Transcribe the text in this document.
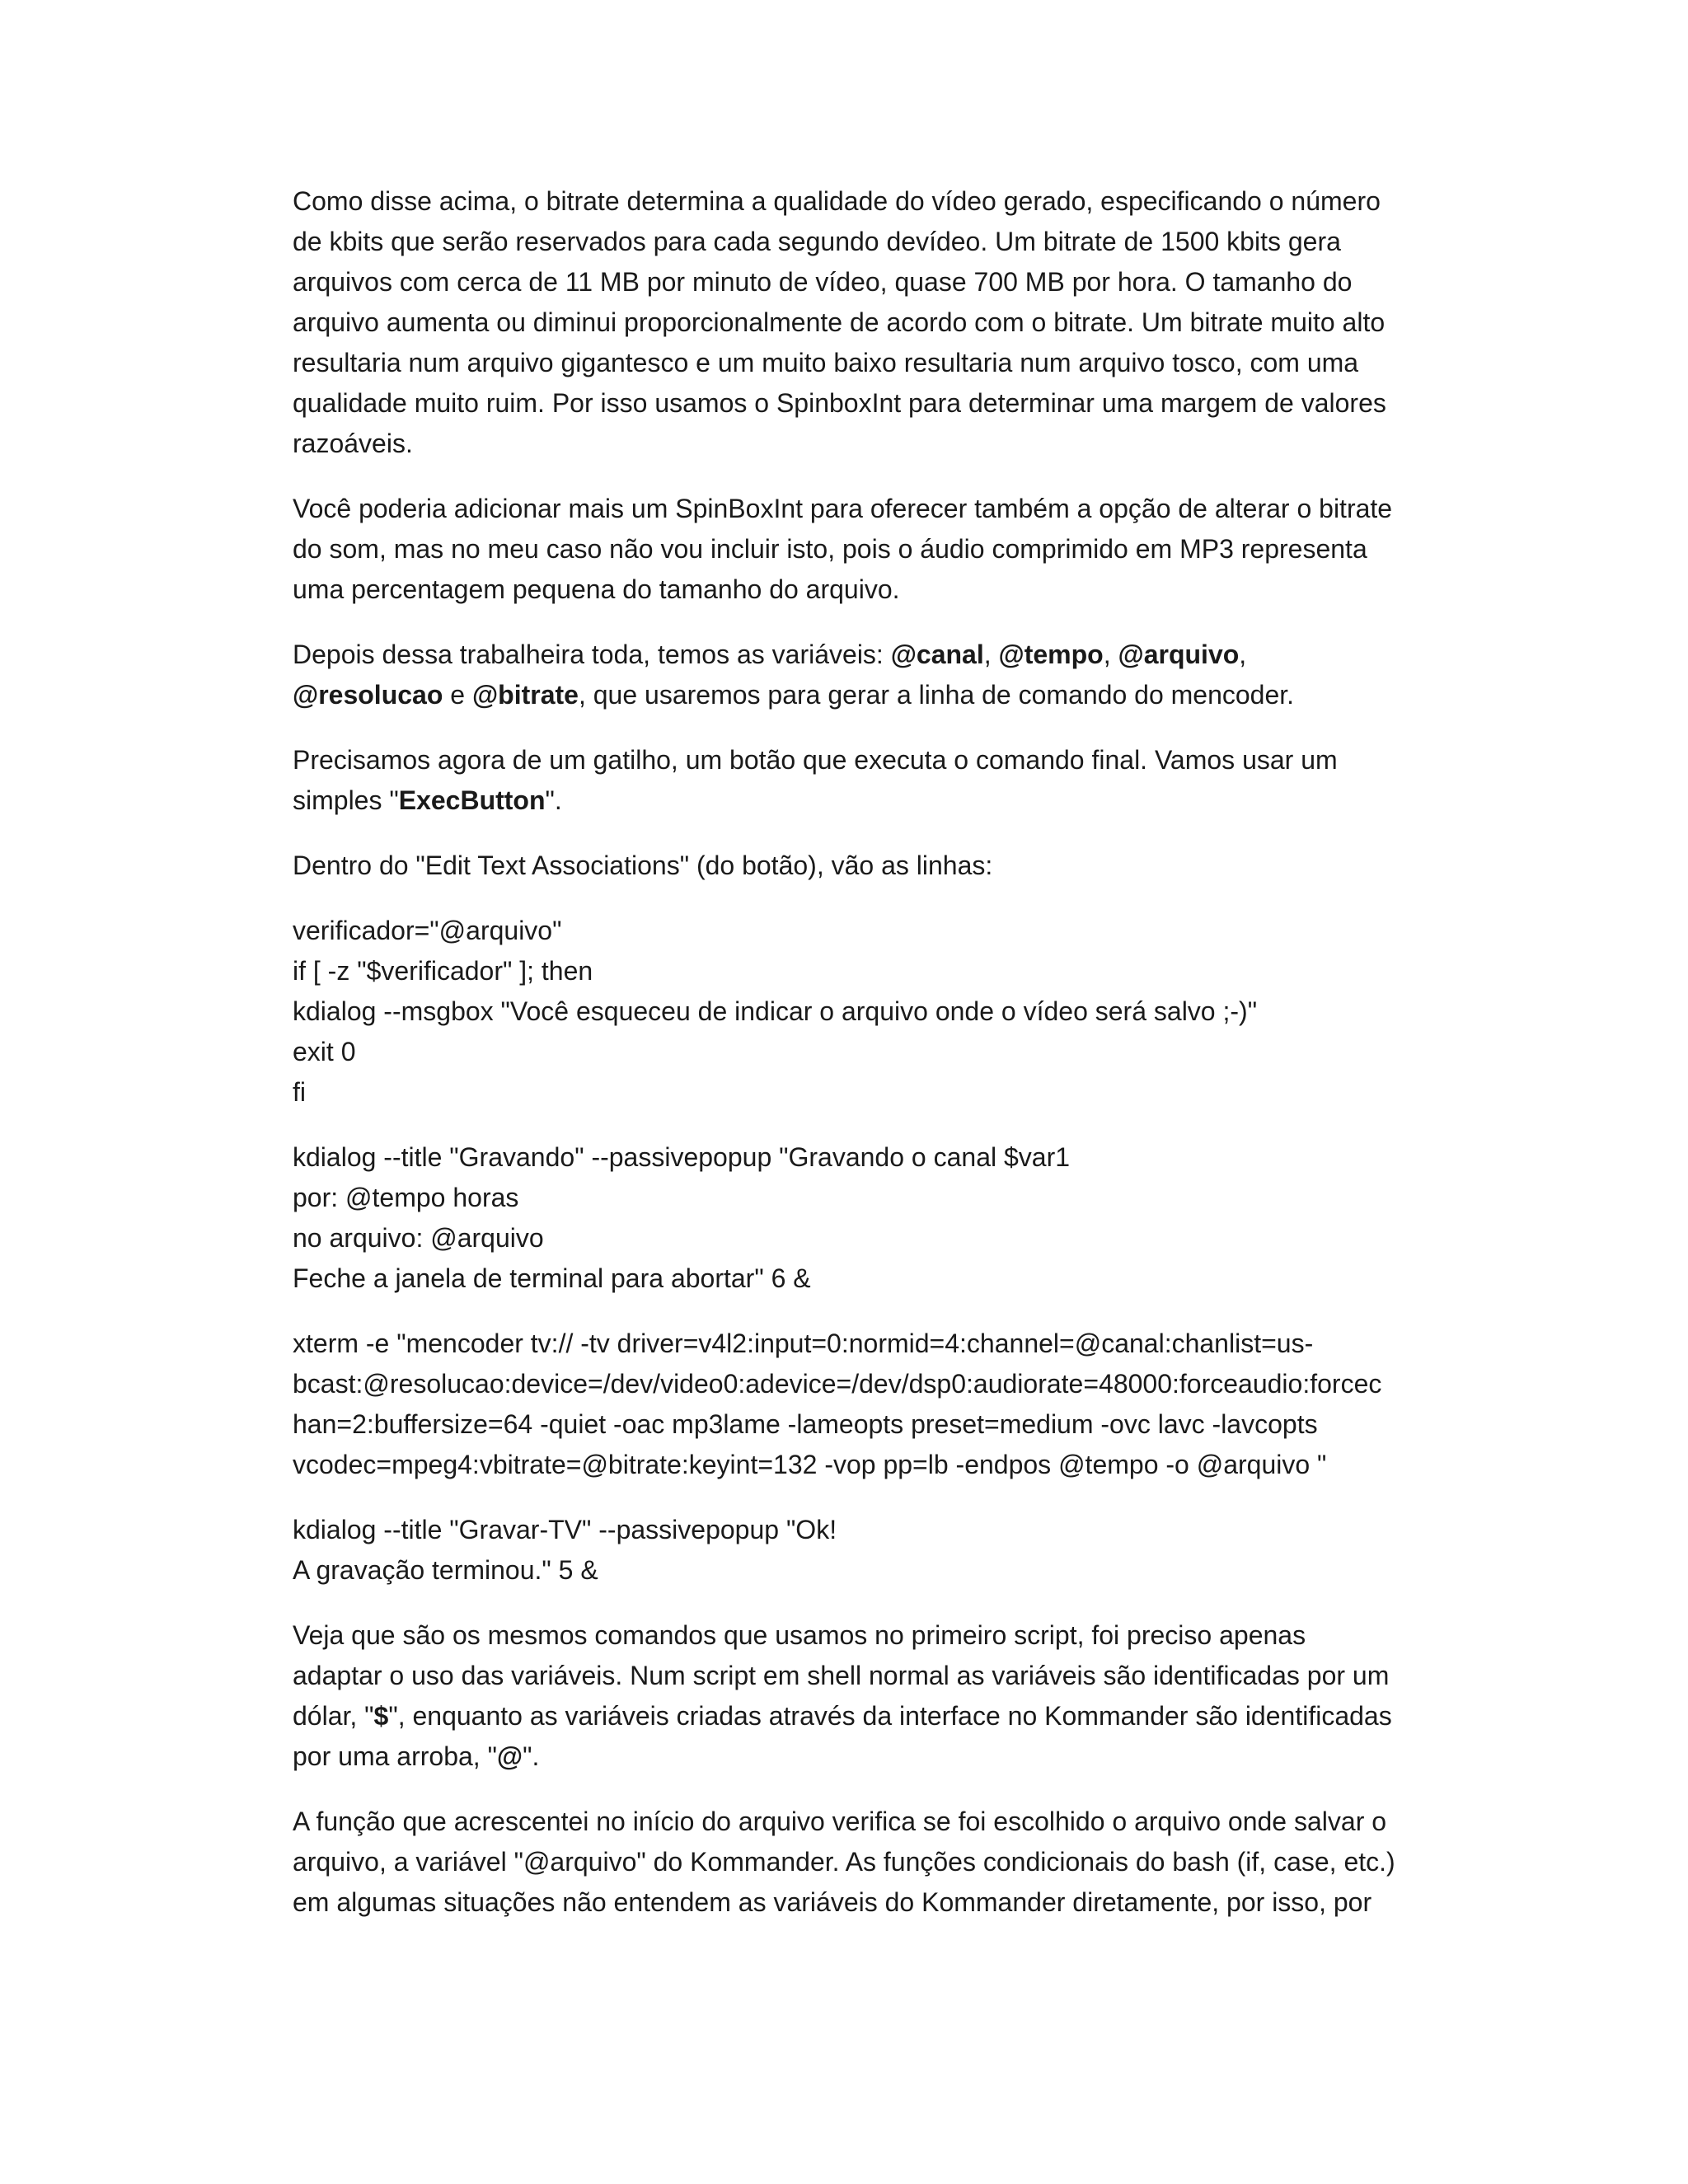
Como disse acima, o bitrate determina a qualidade do vídeo gerado, especificando o número de kbits que serão reservados para cada segundo devídeo. Um bitrate de 1500 kbits gera arquivos com cerca de 11 MB por minuto de vídeo, quase 700 MB por hora. O tamanho do arquivo aumenta ou diminui proporcionalmente de acordo com o bitrate. Um bitrate muito alto resultaria num arquivo gigantesco e um muito baixo resultaria num arquivo tosco, com uma qualidade muito ruim. Por isso usamos o SpinboxInt para determinar uma margem de valores razoáveis.

Você poderia adicionar mais um SpinBoxInt para oferecer também a opção de alterar o bitrate do som, mas no meu caso não vou incluir isto, pois o áudio comprimido em MP3 representa uma percentagem pequena do tamanho do arquivo.

Depois dessa trabalheira toda, temos as variáveis: @canal, @tempo, @arquivo, @resolucao e @bitrate, que usaremos para gerar a linha de comando do mencoder.

Precisamos agora de um gatilho, um botão que executa o comando final. Vamos usar um simples "ExecButton".

Dentro do "Edit Text Associations" (do botão), vão as linhas:

verificador="@arquivo"
if [ -z "$verificador" ]; then
kdialog --msgbox "Você esqueceu de indicar o arquivo onde o vídeo será salvo ;-)"
exit 0
fi
kdialog --title "Gravando" --passivepopup "Gravando o canal $var1
por: @tempo horas
no arquivo: @arquivo
Feche a janela de terminal para abortar" 6 &
xterm -e "mencoder tv:// -tv driver=v4l2:input=0:normid=4:channel=@canal:chanlist=us-
bcast:@resolucao:device=/dev/video0:adevice=/dev/dsp0:audiorate=48000:forceaudio:forcec
han=2:buffersize=64 -quiet -oac mp3lame -lameopts preset=medium -ovc lavc -lavcopts
vcodec=mpeg4:vbitrate=@bitrate:keyint=132 -vop pp=lb -endpos @tempo -o @arquivo "
kdialog --title "Gravar-TV" --passivepopup "Ok!
A gravação terminou." 5 &

Veja que são os mesmos comandos que usamos no primeiro script, foi preciso apenas adaptar o uso das variáveis. Num script em shell normal as variáveis são identificadas por um dólar, "$", enquanto as variáveis criadas através da interface no Kommander são identificadas por uma arroba, "@".

A função que acrescentei no início do arquivo verifica se foi escolhido o arquivo onde salvar o arquivo, a variável "@arquivo" do Kommander. As funções condicionais do bash (if, case, etc.) em algumas situações não entendem as variáveis do Kommander diretamente, por isso, por
